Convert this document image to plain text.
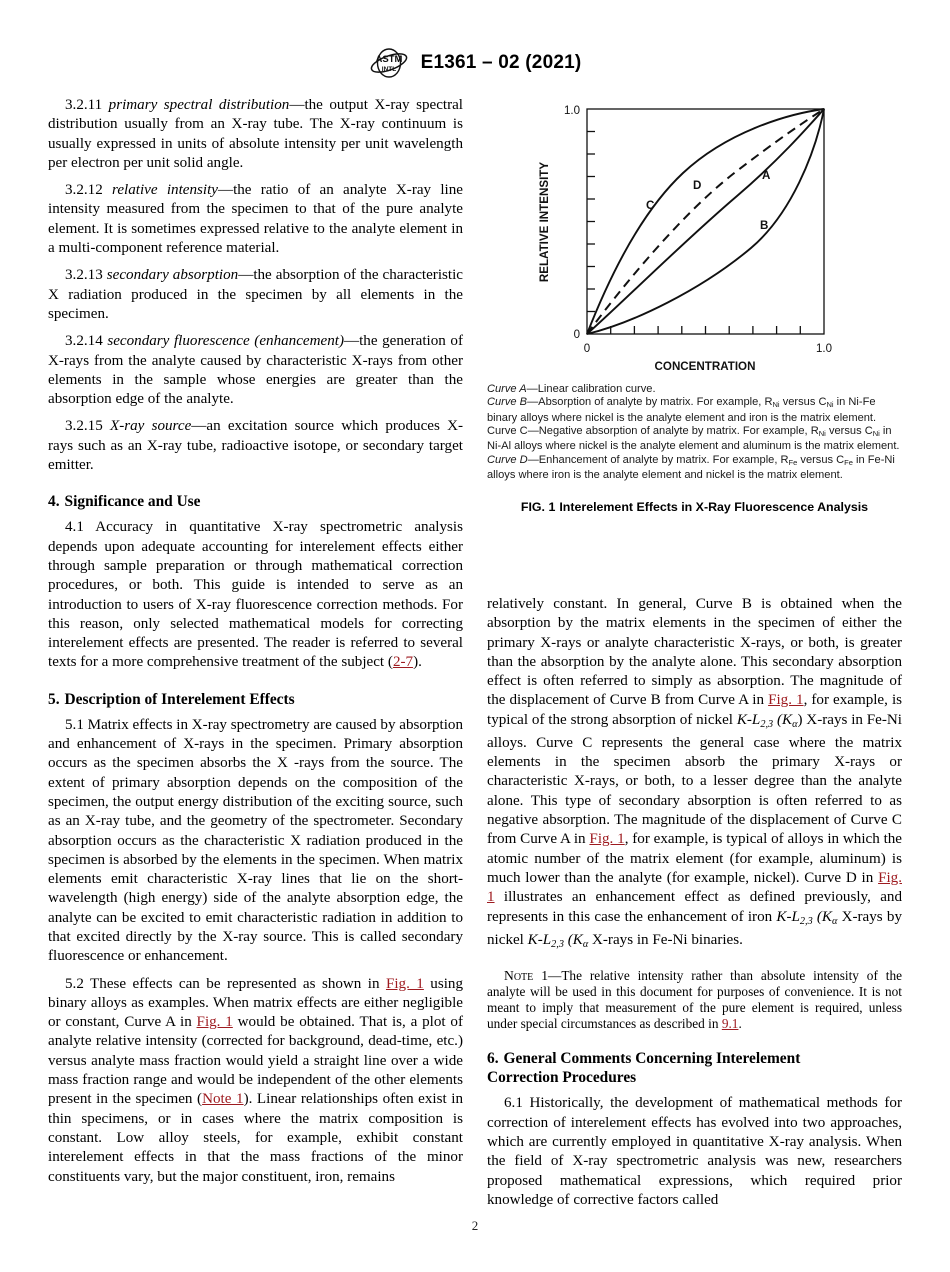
ASTM
INTL E1361 – 02 (2021)

3.2.11 primary spectral distribution—the output X-ray spectral distribution usually from an X-ray tube. The X-ray continuum is usually expressed in units of absolute intensity per unit wavelength per electron per unit solid angle.

3.2.12 relative intensity—the ratio of an analyte X-ray line intensity measured from the specimen to that of the pure analyte element. It is sometimes expressed relative to the analyte element in a multi-component reference material.

3.2.13 secondary absorption—the absorption of the characteristic X radiation produced in the specimen by all elements in the specimen.

3.2.14 secondary fluorescence (enhancement)—the generation of X-rays from the analyte caused by characteristic X-rays from other elements in the sample whose energies are greater than the absorption edge of the analyte.

3.2.15 X-ray source—an excitation source which produces X-rays such as an X-ray tube, radioactive isotope, or secondary target emitter.

4. Significance and Use

4.1 Accuracy in quantitative X-ray spectrometric analysis depends upon adequate accounting for interelement effects either through sample preparation or through mathematical correction procedures, or both. This guide is intended to serve as an introduction to users of X-ray fluorescence correction methods. For this reason, only selected mathematical models for correcting interelement effects are presented. The reader is referred to several texts for a more comprehensive treatment of the subject (2-7).

5. Description of Interelement Effects

5.1 Matrix effects in X-ray spectrometry are caused by absorption and enhancement of X-rays in the specimen. Primary absorption occurs as the specimen absorbs the X -rays from the source. The extent of primary absorption depends on the composition of the specimen, the output energy distribution of the exciting source, such as an X-ray tube, and the geometry of the spectrometer. Secondary absorption occurs as the characteristic X radiation produced in the specimen is absorbed by the elements in the specimen. When matrix elements emit characteristic X-ray lines that lie on the short-wavelength (high energy) side of the analyte absorption edge, the analyte can be excited to emit characteristic radiation in addition to that excited directly by the X-ray source. This is called secondary fluorescence or enhancement.

5.2 These effects can be represented as shown in Fig. 1 using binary alloys as examples. When matrix effects are either negligible or constant, Curve A in Fig. 1 would be obtained. That is, a plot of analyte relative intensity (corrected for background, dead-time, etc.) versus analyte mass fraction would yield a straight line over a wide mass fraction range and would be independent of the other elements present in the specimen (Note 1). Linear relationships often exist in thin specimens, or in cases where the matrix composition is constant. Low alloy steels, for example, exhibit constant interelement effects in that the mass fractions of the minor constituents vary, but the major constituent, iron, remains

1.0
0
0	1.0
RELATIVE INTENSITY
CONCENTRATION
A
B
C
D

Curve A—Linear calibration curve.

Curve B—Absorption of analyte by matrix. For example, $R_{Ni}$ versus $C_{Ni}$ in Ni-Fe binary alloys where nickel is the analyte element and iron is the matrix element.

Curve C—Negative absorption of analyte by matrix. For example, $R_{Ni}$ versus $C_{Ni}$ in Ni-Al alloys where nickel is the analyte element and aluminum is the matrix element.

Curve D—Enhancement of analyte by matrix. For example, $R_{Fe}$ versus $C_{Fe}$ in Fe-Ni alloys where iron is the analyte element and nickel is the matrix element.

FIG. 1 Interelement Effects in X-Ray Fluorescence Analysis

relatively constant. In general, Curve B is obtained when the absorption by the matrix elements in the specimen of either the primary X-rays or analyte characteristic X-rays, or both, is greater than the absorption by the analyte alone. This secondary absorption effect is often referred to simply as absorption. The magnitude of the displacement of Curve B from Curve A in Fig. 1, for example, is typical of the strong absorption of nickel $K-L_{2,3}$ $(K_\alpha)$ X-rays in Fe-Ni alloys. Curve C represents the general case where the matrix elements in the specimen absorb the primary X-rays or characteristic X-rays, or both, to a lesser degree than the analyte alone. This type of secondary absorption is often referred to as negative absorption. The magnitude of the displacement of Curve C from Curve A in Fig. 1, for example, is typical of alloys in which the atomic number of the matrix element (for example, aluminum) is much lower than the analyte (for example, nickel). Curve D in Fig. 1 illustrates an enhancement effect as defined previously, and represents in this case the enhancement of iron $K-L_{2,3}$ ($K_\alpha$ X-rays by nickel $K-L_{2,3}$ ($K_\alpha$ X-rays in Fe-Ni binaries.

Note 1—The relative intensity rather than absolute intensity of the analyte will be used in this document for purposes of convenience. It is not meant to imply that measurement of the pure element is required, unless under special circumstances as described in 9.1.

6. General Comments Concerning Interelement
Correction Procedures

6.1 Historically, the development of mathematical methods for correction of interelement effects has evolved into two approaches, which are currently employed in quantitative X-ray analysis. When the field of X-ray spectrometric analysis was new, researchers proposed mathematical expressions, which required prior knowledge of corrective factors called

2
